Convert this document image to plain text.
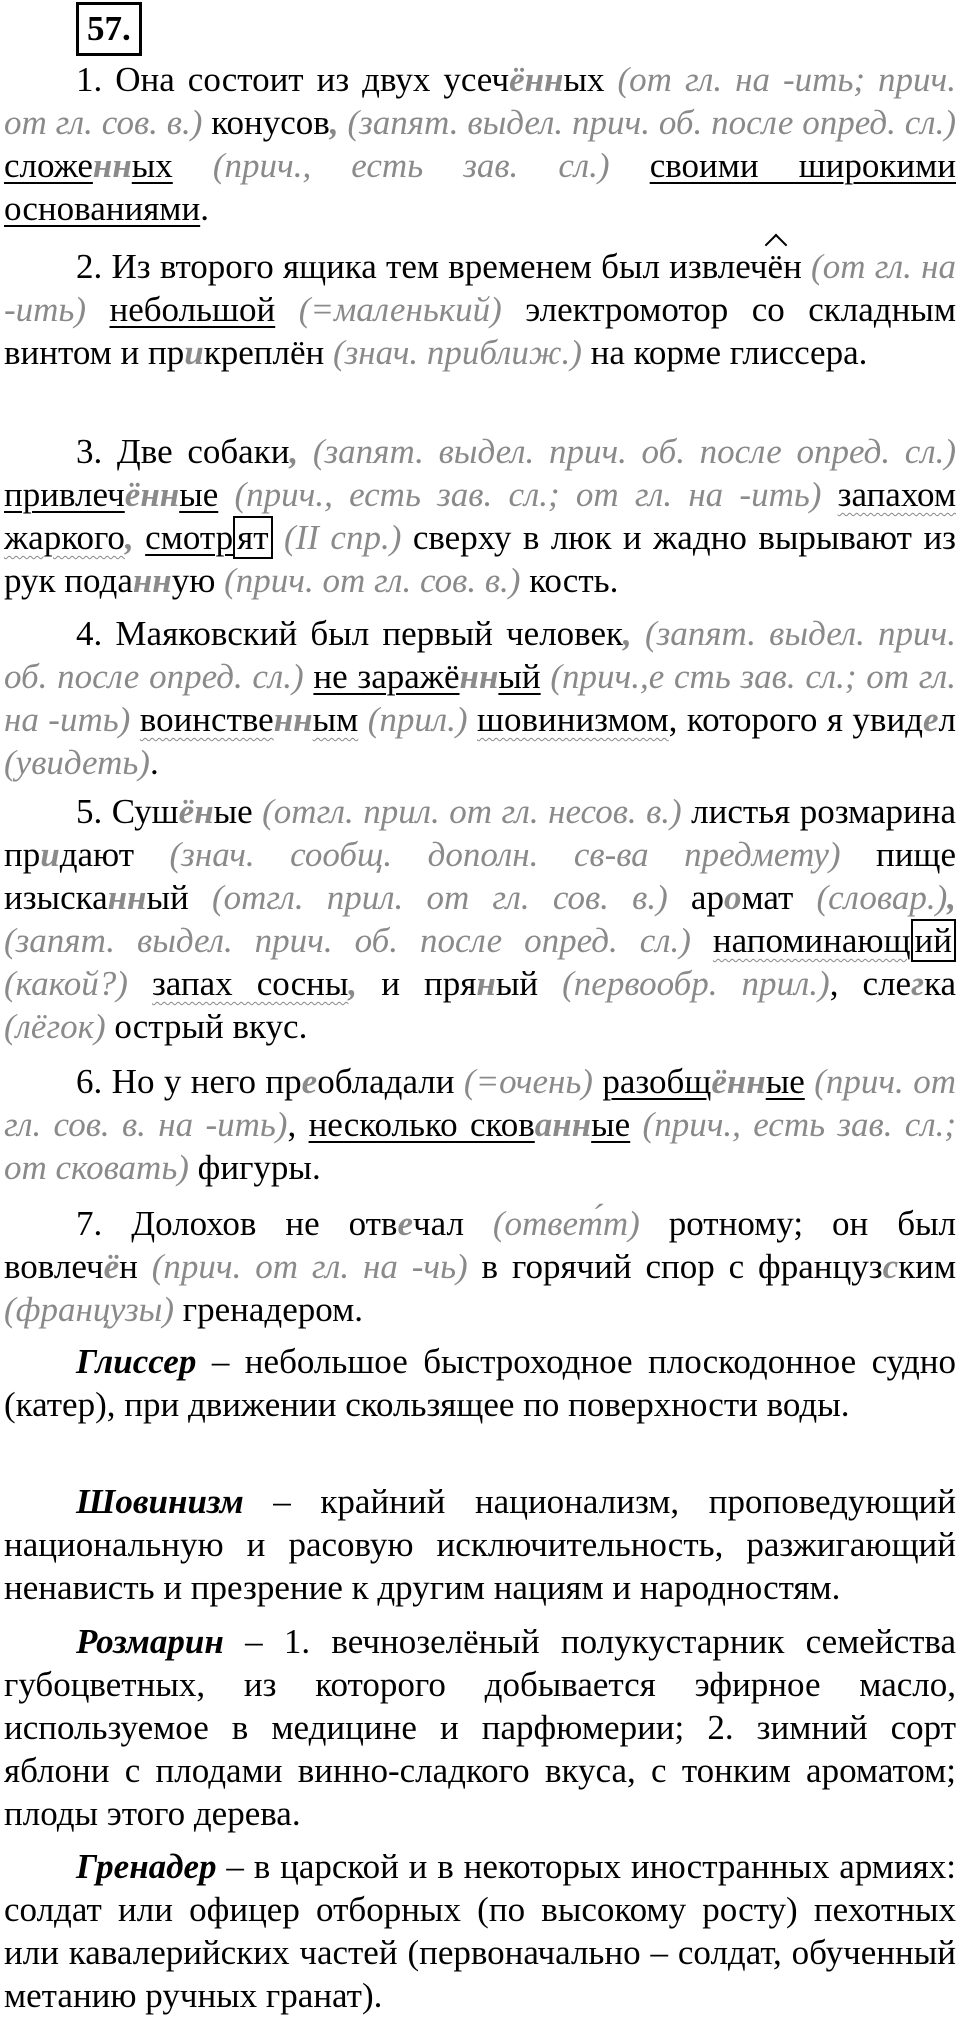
57.
1. Она состоит из двух усечённых (от гл. на -ить; прич. от гл. сов. в.) конусов, (запят. выдел. прич. об. после опред. сл.) сложенных (прич., есть зав. сл.) своими широкими основаниями.
2. Из второго ящика тем временем был извлечён (от гл. на -ить) небольшой (=маленький) электромотор со складным винтом и прикреплён (знач. приближ.) на корме глиссера.
3. Две собаки, (запят. выдел. прич. об. после опред. сл.) привлечённые (прич., есть зав. сл.; от гл. на -ить) запахом жаркого, смотр ят (II спр.) сверху в люк и жадно вырывают из рук поданную (прич. от гл. сов. в.) кость.
4. Маяковский был первый человек, (запят. выдел. прич. об. после опред. сл.) не заражённый (прич.,е сть зав. сл.; от гл. на -ить) воинственным (прил.) шовинизмом, которого я увидел (увидеть).
5. Сушёные (отгл. прил. от гл. несов. в.) листья розмарина придают (знач. сообщ. дополн. св-ва предмету) пище изысканный (отгл. прил. от гл. сов. в.) аромат (словар.), (запят. выдел. прич. об. после опред. сл.) напоминающ ий (какой?) запах сосны, и пряный (первообр. прил.), слегка (лёгок) острый вкус.
6. Но у него преобладали (=очень) разобщённые (прич. от гл. сов. в. на -ить), несколько скованные (прич., есть зав. сл.; от сковать) фигуры.
7. Долохов не отвечал (ответ́т) ротному; он был вовлечён (прич. от гл. на -чь) в горячий спор с французским (французы) гренадером.
Глиссер – небольшое быстроходное плоскодонное судно (катер), при движении скользящее по поверхности воды.
Шовинизм – крайний национализм, проповедующий национальную и расовую исключительность, разжигающий ненависть и презрение к другим нациям и народностям.
Розмарин – 1. вечнозелёный полукустарник семейства губоцветных, из которого добывается эфирное масло, используемое в медицине и парфюмерии; 2. зимний сорт яблони с плодами винно-сладкого вкуса, с тонким ароматом; плоды этого дерева.
Гренадер – в царской и в некоторых иностранных армиях: солдат или офицер отборных (по высокому росту) пехотных или кавалерийских частей (первоначально – солдат, обученный метанию ручных гранат).
